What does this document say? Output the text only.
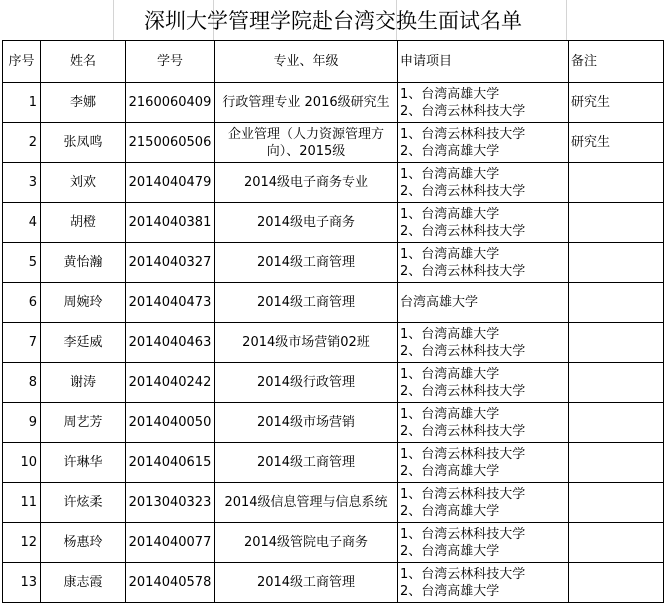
深圳大学管理学院赴台湾交换生面试名单
序号	姓名	学号	专业、年级	申请项目	备注
1	李娜	2160060409	行政管理专业 2016级研究生	1、台湾高雄大学
2、台湾云林科技大学	研究生
2	张凤鸣	2150060506	企业管理（人力资源管理方向）、2015级	1、台湾云林科技大学
2、台湾高雄大学	研究生
3	刘欢	2014040479	2014级电子商务专业	1、台湾高雄大学
2、台湾云林科技大学	

4	胡橙	2014040381	2014级电子商务	1、台湾高雄大学
2、台湾云林科技大学	

5	黄怡瀚	2014040327	2014级工商管理	1、台湾高雄大学
2、台湾云林科技大学	

6	周婉玲	2014040473	2014级工商管理	台湾高雄大学	

7	李廷威	2014040463	2014级市场营销02班	1、台湾高雄大学
2、台湾云林科技大学	

8	谢涛	2014040242	2014级行政管理	1、台湾高雄大学
2、台湾云林科技大学	

9	周艺芳	2014040050	2014级市场营销	1、台湾高雄大学
2、台湾云林科技大学	

10	许琳华	2014040615	2014级工商管理	1、台湾云林科技大学
2、台湾高雄大学	

11	许炫柔	2013040323	2014级信息管理与信息系统	1、台湾云林科技大学
2、台湾高雄大学	

12	杨惠玲	2014040077	2014级管院电子商务	1、台湾云林科技大学
2、台湾高雄大学	

13	康志霞	2014040578	2014级工商管理	1、台湾云林科技大学
2、台湾高雄大学	
